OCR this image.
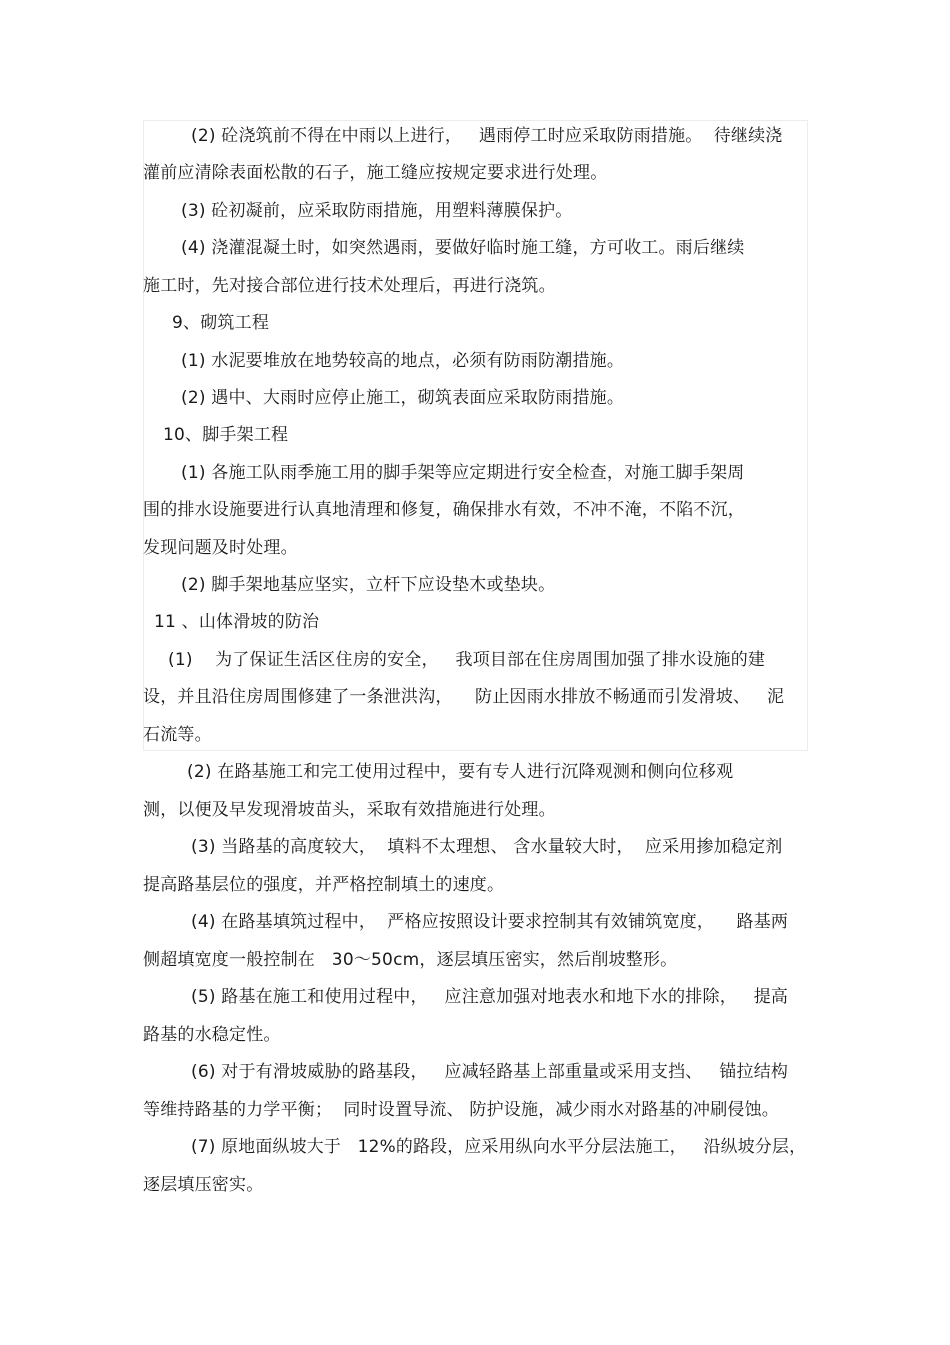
(2) 砼浇筑前不得在中雨以上进行，   遇雨停工时应采取防雨措施。  待继续浇
灌前应清除表面松散的石子，施工缝应按规定要求进行处理。
(3) 砼初凝前，应采取防雨措施，用塑料薄膜保护。
(4) 浇灌混凝土时，如突然遇雨，要做好临时施工缝，方可收工。雨后继续
施工时，先对接合部位进行技术处理后，再进行浇筑。
9、砌筑工程
(1) 水泥要堆放在地势较高的地点，必须有防雨防潮措施。
(2) 遇中、大雨时应停止施工，砌筑表面应采取防雨措施。
10、脚手架工程
(1) 各施工队雨季施工用的脚手架等应定期进行安全检查，对施工脚手架周
围的排水设施要进行认真地清理和修复，确保排水有效，不冲不淹，不陷不沉，
发现问题及时处理。
(2) 脚手架地基应坚实，立杆下应设垫木或垫块。
11 、山体滑坡的防治
(1)    为了保证生活区住房的安全，   我项目部在住房周围加强了排水设施的建
设，并且沿住房周围修建了一条泄洪沟，    防止因雨水排放不畅通而引发滑坡、   泥
石流等。
(2) 在路基施工和完工使用过程中，要有专人进行沉降观测和侧向位移观
测，以便及早发现滑坡苗头，采取有效措施进行处理。
(3) 当路基的高度较大，  填料不太理想、 含水量较大时，  应采用掺加稳定剂
提高路基层位的强度，并严格控制填土的速度。
(4) 在路基填筑过程中，  严格应按照设计要求控制其有效铺筑宽度，    路基两
侧超填宽度一般控制在   30～50cm，逐层填压密实，然后削坡整形。
(5) 路基在施工和使用过程中，   应注意加强对地表水和地下水的排除，   提高
路基的水稳定性。
(6) 对于有滑坡威胁的路基段，   应减轻路基上部重量或采用支挡、   锚拉结构
等维持路基的力学平衡；  同时设置导流、 防护设施，减少雨水对路基的冲刷侵蚀。
(7) 原地面纵坡大于   12%的路段，应采用纵向水平分层法施工，   沿纵坡分层，
逐层填压密实。
